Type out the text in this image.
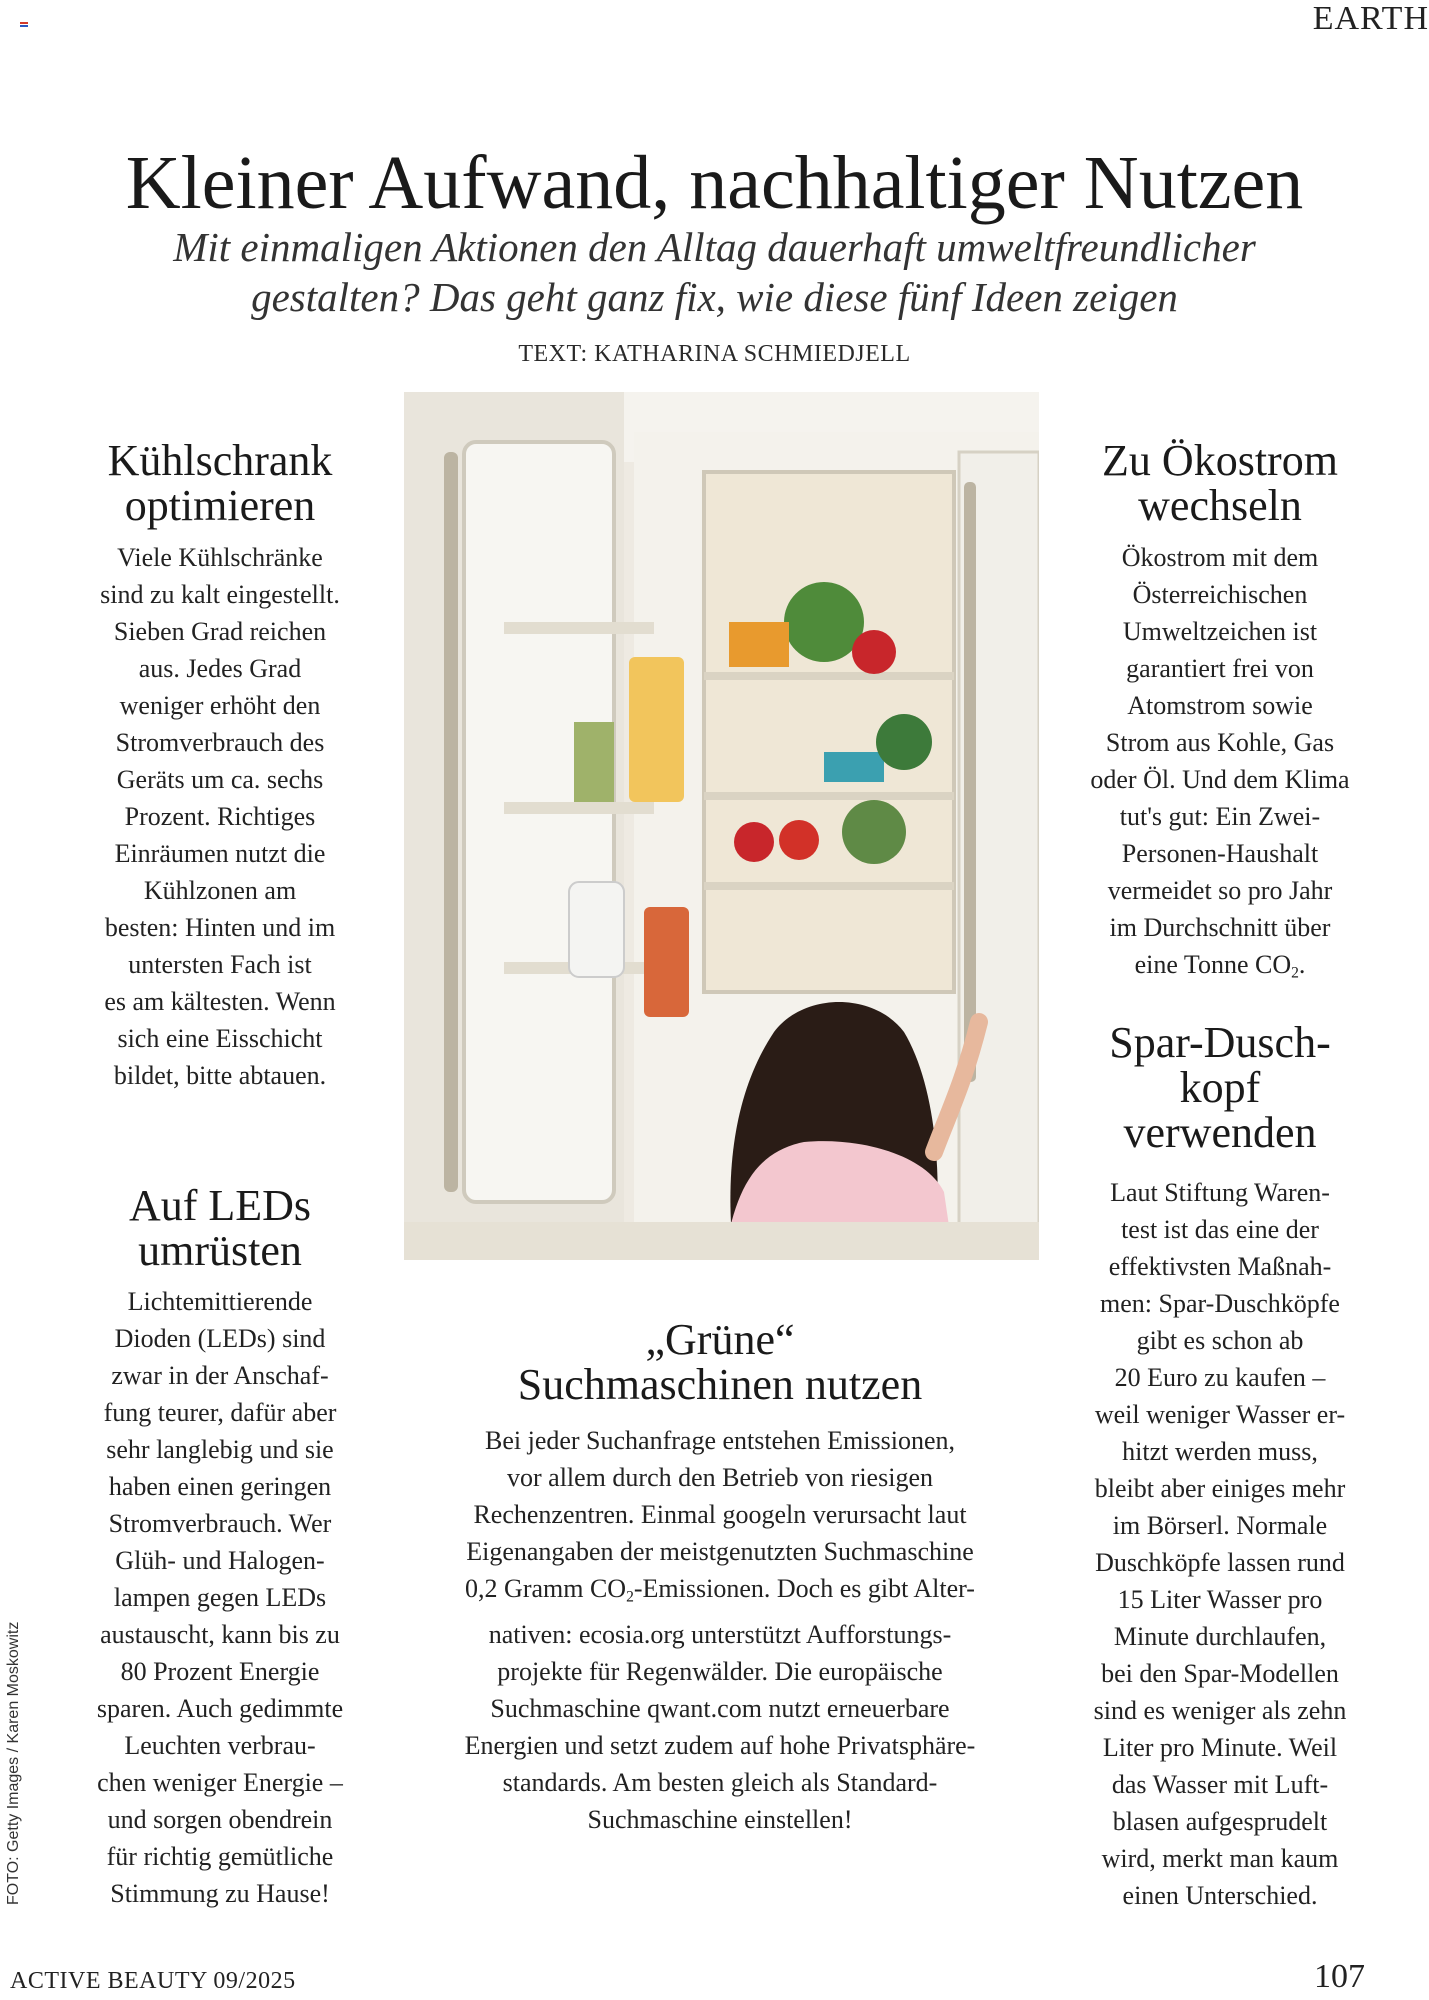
EARTH
Kleiner Aufwand, nachhaltiger Nutzen
Mit einmaligen Aktionen den Alltag dauerhaft umweltfreundlicher
gestalten? Das geht ganz fix, wie diese fünf Ideen zeigen
TEXT: KATHARINA SCHMIEDJELL
Kühlschrank
optimieren
Viele Kühlschränke
sind zu kalt eingestellt.
Sieben Grad reichen
aus. Jedes Grad
weniger erhöht den
Stromverbrauch des
Geräts um ca. sechs
Prozent. Richtiges
Einräumen nutzt die
Kühlzonen am
besten: Hinten und im
untersten Fach ist
es am kältesten. Wenn
sich eine Eisschicht
bildet, bitte abtauen.
Auf LEDs
umrüsten
Lichtemittierende
Dioden (LEDs) sind
zwar in der Anschaf-
fung teurer, dafür aber
sehr langlebig und sie
haben einen geringen
Stromverbrauch. Wer
Glüh- und Halogen-
lampen gegen LEDs
austauscht, kann bis zu
80 Prozent Energie
sparen. Auch gedimmte
Leuchten verbrau-
chen weniger Energie –
und sorgen obendrein
für richtig gemütliche
Stimmung zu Hause!
„Grüne“
Suchmaschinen nutzen
Bei jeder Suchanfrage entstehen Emissionen,
vor allem durch den Betrieb von riesigen
Rechenzentren. Einmal googeln verursacht laut
Eigenangaben der meistgenutzten Suchmaschine
0,2 Gramm $CO_2$-Emissionen. Doch es gibt Alter-
nativen: ecosia.org unterstützt Aufforstungs-
projekte für Regenwälder. Die europäische
Suchmaschine qwant.com nutzt erneuerbare
Energien und setzt zudem auf hohe Privatsphäre-
standards. Am besten gleich als Standard-
Suchmaschine einstellen!
Zu Ökostrom
wechseln
Ökostrom mit dem
Österreichischen
Umweltzeichen ist
garantiert frei von
Atomstrom sowie
Strom aus Kohle, Gas
oder Öl. Und dem Klima
tut's gut: Ein Zwei-
Personen-Haushalt
vermeidet so pro Jahr
im Durchschnitt über
eine Tonne $CO_2$.
Spar-Dusch-
kopf
verwenden
Laut Stiftung Waren-
test ist das eine der
effektivsten Maßnah-
men: Spar-Duschköpfe
gibt es schon ab
20 Euro zu kaufen –
weil weniger Wasser er-
hitzt werden muss,
bleibt aber einiges mehr
im Börserl. Normale
Duschköpfe lassen rund
15 Liter Wasser pro
Minute durchlaufen,
bei den Spar-Modellen
sind es weniger als zehn
Liter pro Minute. Weil
das Wasser mit Luft-
blasen aufgesprudelt
wird, merkt man kaum
einen Unterschied.
FOTO: Getty Images / Karen Moskowitz
ACTIVE BEAUTY 09/2025	107
